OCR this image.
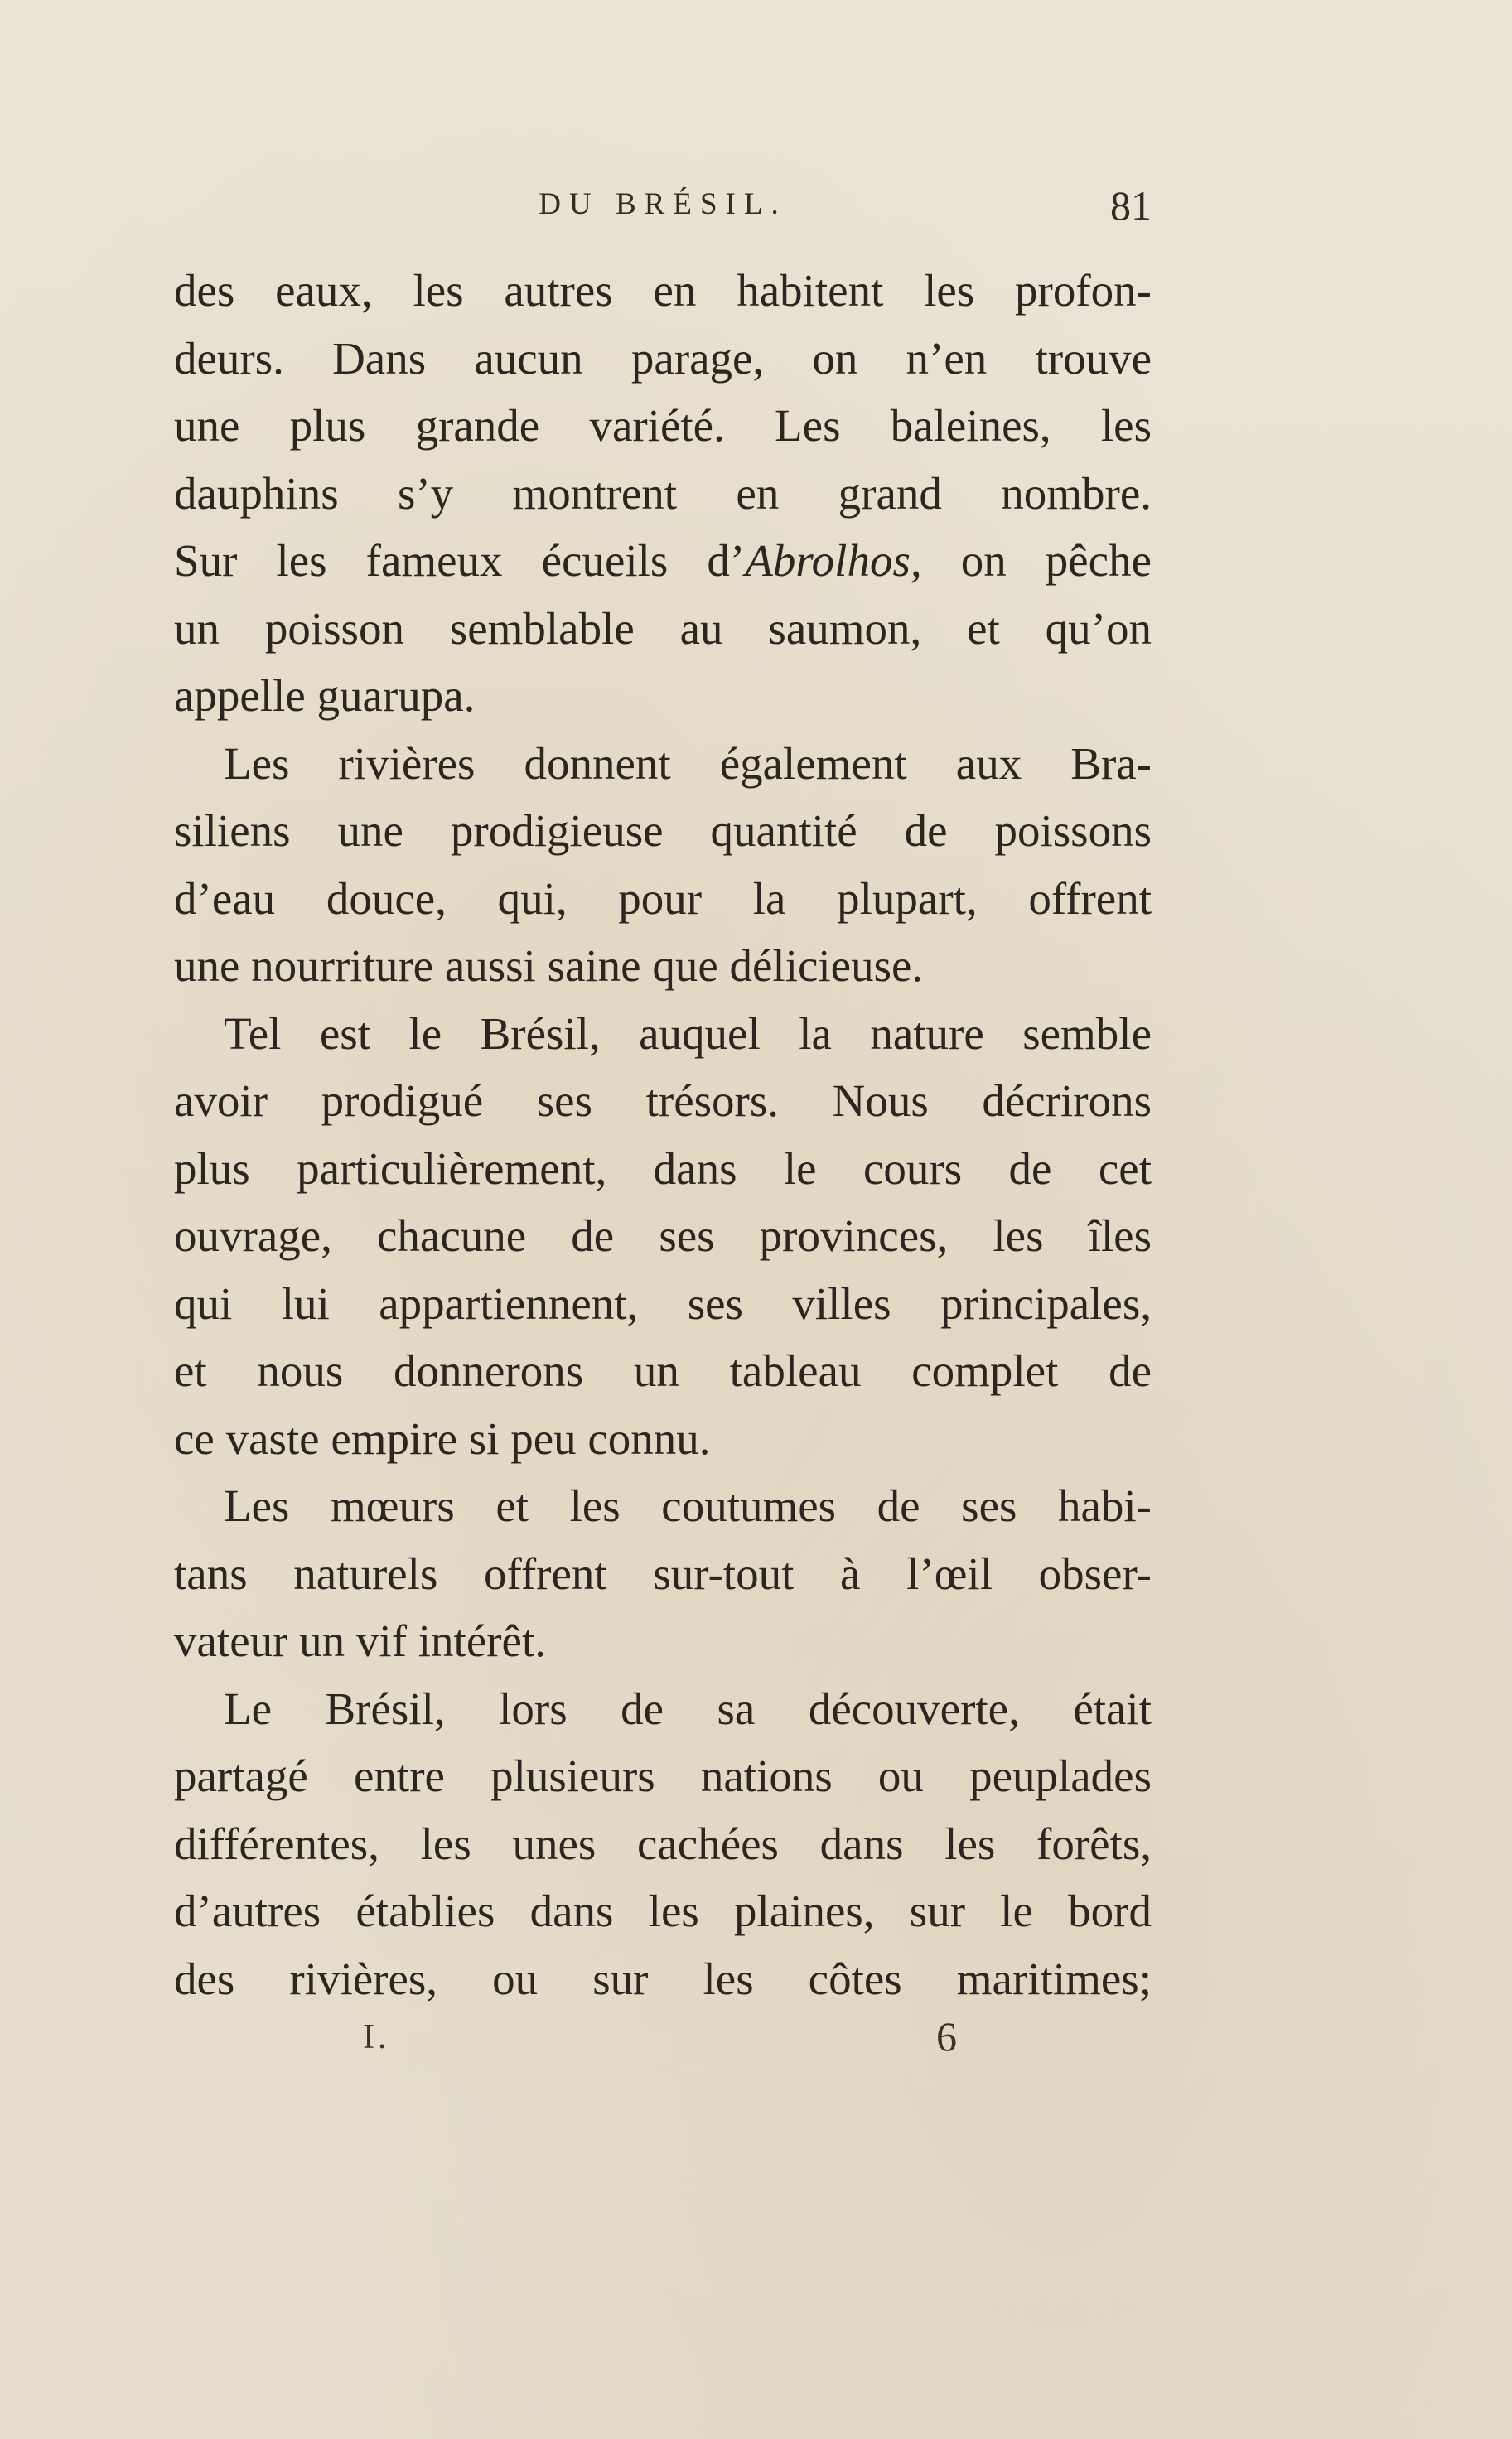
DU BRÉSIL.	81
des eaux, les autres en habitent les profon-
deurs. Dans aucun parage, on n’en trouve
une plus grande variété. Les baleines, les
dauphins s’y montrent en grand nombre.
Sur les fameux écueils d’Abrolhos, on pêche
un poisson semblable au saumon, et qu’on
appelle guarupa.
Les rivières donnent également aux Bra-
siliens une prodigieuse quantité de poissons
d’eau douce, qui, pour la plupart, offrent
une nourriture aussi saine que délicieuse.
Tel est le Brésil, auquel la nature semble
avoir prodigué ses trésors. Nous décrirons
plus particulièrement, dans le cours de cet
ouvrage, chacune de ses provinces, les îles
qui lui appartiennent, ses villes principales,
et nous donnerons un tableau complet de
ce vaste empire si peu connu.
Les mœurs et les coutumes de ses habi-
tans naturels offrent sur-tout à l’œil obser-
vateur un vif intérêt.
Le Brésil, lors de sa découverte, était
partagé entre plusieurs nations ou peuplades
différentes, les unes cachées dans les forêts,
d’autres établies dans les plaines, sur le bord
des rivières, ou sur les côtes maritimes;
I.	6
